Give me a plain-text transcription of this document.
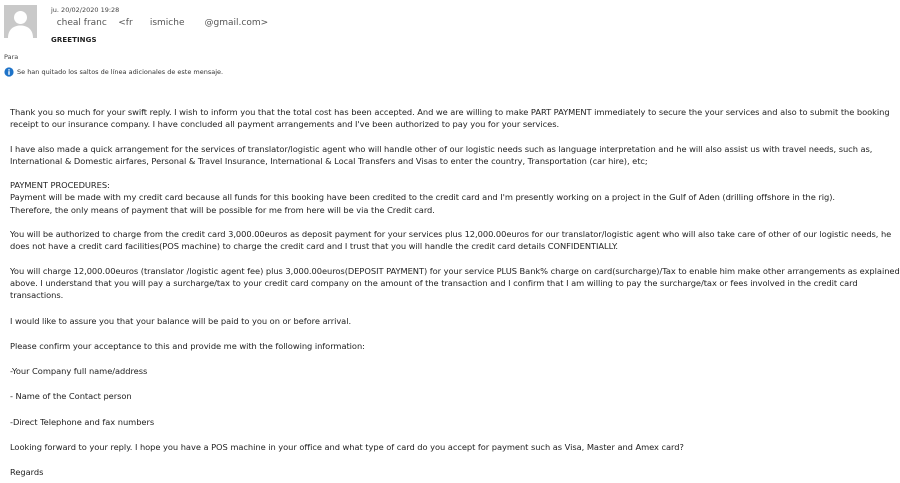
ju. 20/02/2020 19:28
cheal franc    <fr      ismiche       @gmail.com>
GREETINGS
Para
Se han quitado los saltos de línea adicionales de este mensaje.

Thank you so much for your swift reply. I wish to inform you that the total cost has been accepted. And we are willing to make PART PAYMENT immediately to secure the your services and also to submit the booking
receipt to our insurance company. I have concluded all payment arrangements and I've been authorized to pay you for your services.

I have also made a quick arrangement for the services of translator/logistic agent who will handle other of our logistic needs such as language interpretation and he will also assist us with travel needs, such as,
International & Domestic airfares, Personal & Travel Insurance, International & Local Transfers and Visas to enter the country, Transportation (car hire), etc;

PAYMENT PROCEDURES:
Payment will be made with my credit card because all funds for this booking have been credited to the credit card and I'm presently working on a project in the Gulf of Aden (drilling offshore in the rig).
Therefore, the only means of payment that will be possible for me from here will be via the Credit card.

You will be authorized to charge from the credit card 3,000.00euros as deposit payment for your services plus 12,000.00euros for our translator/logistic agent who will also take care of other of our logistic needs, he
does not have a credit card facilities(POS machine) to charge the credit card and I trust that you will handle the credit card details CONFIDENTIALLY.

You will charge 12,000.00euros (translator /logistic agent fee) plus 3,000.00euros(DEPOSIT PAYMENT) for your service PLUS Bank% charge on card(surcharge)/Tax to enable him make other arrangements as explained
above. I understand that you will pay a surcharge/tax to your credit card company on the amount of the transaction and I confirm that I am willing to pay the surcharge/tax or fees involved in the credit card
transactions.

I would like to assure you that your balance will be paid to you on or before arrival.

Please confirm your acceptance to this and provide me with the following information:

-Your Company full name/address

- Name of the Contact person

-Direct Telephone and fax numbers

Looking forward to your reply. I hope you have a POS machine in your office and what type of card do you accept for payment such as Visa, Master and Amex card?

Regards
